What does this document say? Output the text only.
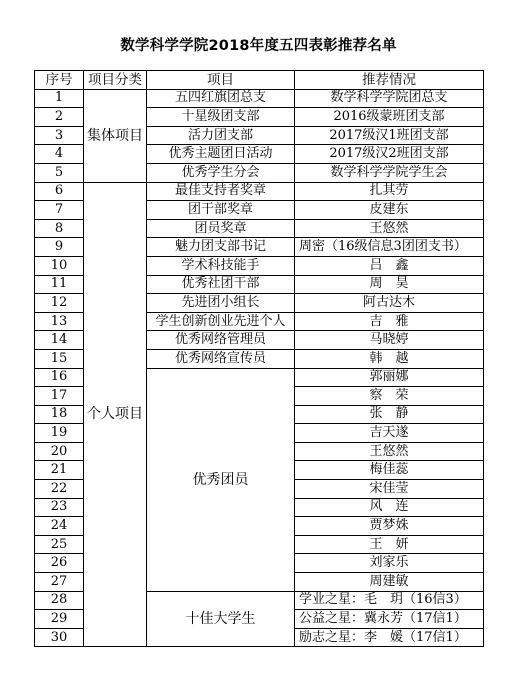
数学科学学院2018年度五四表彰推荐名单
序号	项目分类	项目	推荐情况
1	集体项目	五四红旗团总支	数学科学学院团总支
2		十星级团支部	2016级蒙班团支部
3		活力团支部	2017级汉1班团支部
4		优秀主题团日活动	2017级汉2班团支部
5		优秀学生分会	数学科学学院学生会
6	个人项目	最佳支持者奖章	扎其劳
7		团干部奖章	皮建东
8		团员奖章	王悠然
9		魅力团支部书记	周密（16级信息3团团支书）
10		学术科技能手	吕　鑫
11		优秀社团干部	周　昊
12		先进团小组长	阿古达木
13		学生创新创业先进个人	吉　雅
14		优秀网络管理员	马晓婷
15		优秀网络宣传员	韩　越
16		优秀团员	郭丽娜
17			察　荣
18			张　静
19			吉天遂
20			王悠然
21			梅佳蕊
22			宋佳莹
23			风　连
24			贾梦姝
25			王　妍
26			刘家乐
27			周建敏
28		十佳大学生	学业之星：毛　玥（16信3）
29			公益之星：冀永芳（17信1）
30			励志之星：李　媛（17信1）
